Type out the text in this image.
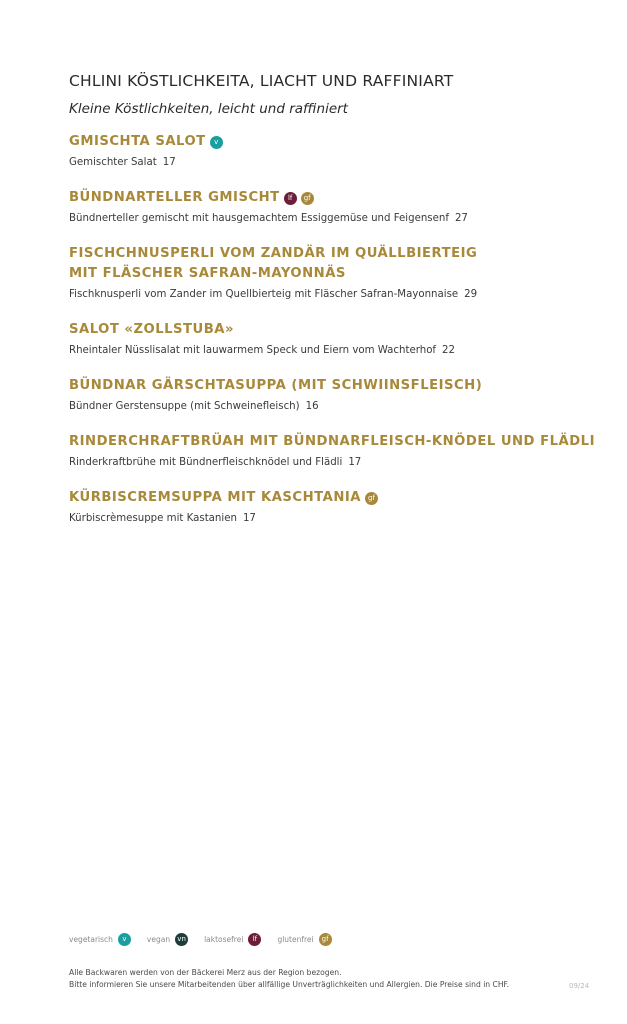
CHLINI KÖSTLICHKEITA, LIACHT UND RAFFINIART
Kleine Köstlichkeiten, leicht und raffiniert
GMISCHTA SALOT v
Gemischter Salat 17
BÜNDNARTELLER GMISCHT lf gf
Bündnerteller gemischt mit hausgemachtem Essiggemüse und Feigensenf 27
FISCHCHNUSPERLI VOM ZANDÄR IM QUÄLLBIERTEIG
MIT FLÄSCHER SAFRAN-MAYONNÄS
Fischknusperli vom Zander im Quellbierteig mit Fläscher Safran-Mayonnaise 29
SALOT «ZOLLSTUBA»
Rheintaler Nüsslisalat mit lauwarmem Speck und Eiern vom Wachterhof 22
BÜNDNAR GÄRSCHTASUPPA (MIT SCHWIINSFLEISCH)
Bündner Gerstensuppe (mit Schweinefleisch) 16
RINDERCHRAFTBRÜAH MIT BÜNDNARFLEISCH-KNÖDEL UND FLÄDLI
Rinderkraftbrühe mit Bündnerfleischknödel und Flädli 17
KÜRBISCREMSUPPA MIT KASCHTANIA gf
Kürbiscrèmesuppe mit Kastanien 17
vegetarisch	v	vegan	vn laktosefrei	lf	glutenfrei	gf
Alle Backwaren werden von der Bäckerei Merz aus der Region bezogen.
Bitte informieren Sie unsere Mitarbeitenden über allfällige Unverträglichkeiten und Allergien. Die Preise sind in CHF.	09/24
